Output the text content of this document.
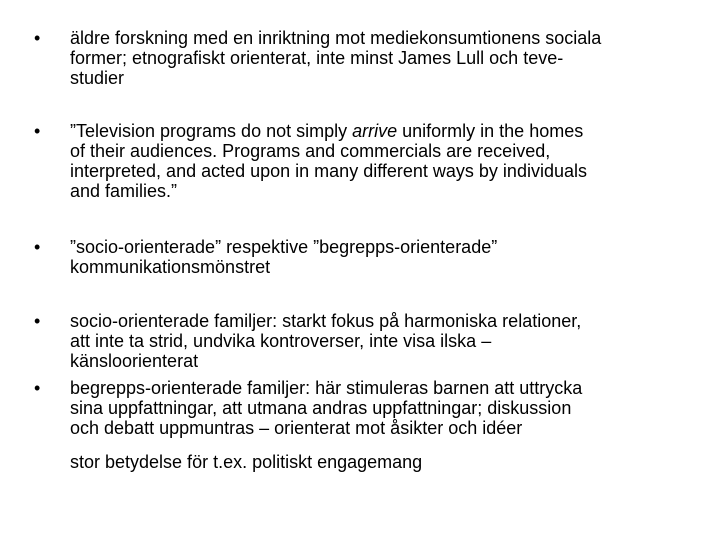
•	äldre forskning med en inriktning mot mediekonsumtionens sociala
former; etnografiskt orienterat, inte minst James Lull och teve-
studier
•	”Television programs do not simply arrive uniformly in the homes
of their audiences. Programs and commercials are received,
interpreted, and acted upon in many different ways by individuals
and families.”
•	”socio-orienterade” respektive ”begrepps-orienterade”
kommunikationsmönstret
•	socio-orienterade familjer: starkt fokus på harmoniska relationer,
att inte ta strid, undvika kontroverser, inte visa ilska –
känsloorienterat
•	begrepps-orienterade familjer: här stimuleras barnen att uttrycka
sina uppfattningar, att utmana andras uppfattningar; diskussion
och debatt uppmuntras – orienterat mot åsikter och idéer
stor betydelse för t.ex. politiskt engagemang
